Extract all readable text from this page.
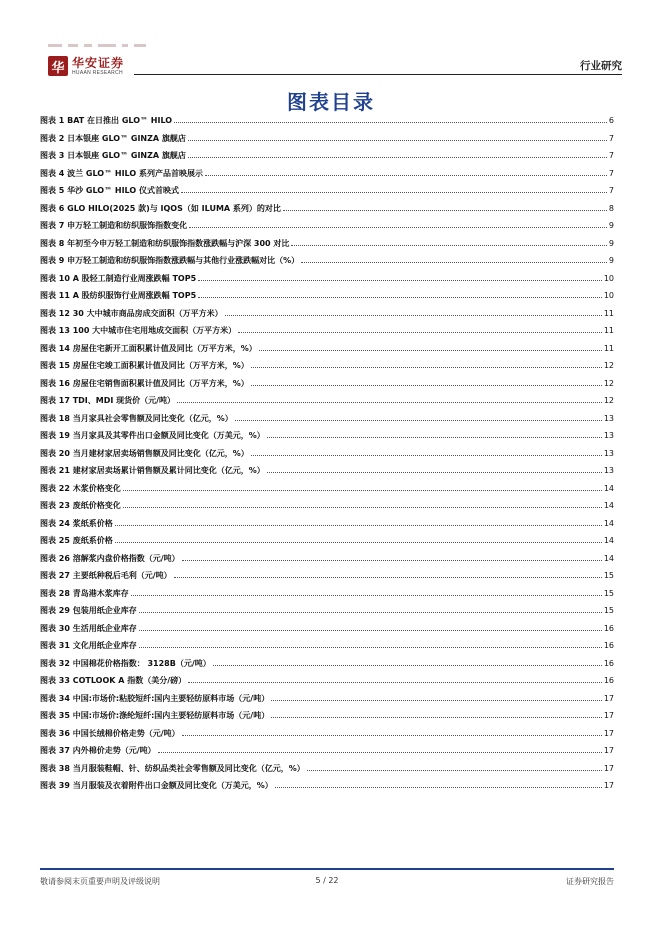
华 华安证券
HUAAN RESEARCH
行业研究
图表目录
图表 1 BAT 在日推出 GLO™ HILO	6
图表 2 日本银座 GLO™ GINZA 旗舰店	7
图表 3 日本银座 GLO™ GINZA 旗舰店	7
图表 4 波兰 GLO™ HILO 系列产品首映展示	7
图表 5 华沙 GLO™ HILO 仪式首映式	7
图表 6 GLO HILO(2025 款)与 IQOS（如 ILUMA 系列）的对比	8
图表 7 申万轻工制造和纺织服饰指数变化	9
图表 8 年初至今申万轻工制造和纺织服饰指数涨跌幅与沪深 300 对比	9
图表 9 申万轻工制造和纺织服饰指数涨跌幅与其他行业涨跌幅对比（%）	9
图表 10 A 股轻工制造行业周涨跌幅 TOP5	10
图表 11 A 股纺织服饰行业周涨跌幅 TOP5	10
图表 12 30 大中城市商品房成交面积（万平方米）	11
图表 13 100 大中城市住宅用地成交面积（万平方米）	11
图表 14 房屋住宅新开工面积累计值及同比（万平方米，%）	11
图表 15 房屋住宅竣工面积累计值及同比（万平方米，%）	12
图表 16 房屋住宅销售面积累计值及同比（万平方米，%）	12
图表 17 TDI、MDI 现货价（元/吨）	12
图表 18 当月家具社会零售额及同比变化（亿元，%）	13
图表 19 当月家具及其零件出口金额及同比变化（万美元，%）	13
图表 20 当月建材家居卖场销售额及同比变化（亿元，%）	13
图表 21 建材家居卖场累计销售额及累计同比变化（亿元，%）	13
图表 22 木浆价格变化	14
图表 23 废纸价格变化	14
图表 24 浆纸系价格	14
图表 25 废纸系价格	14
图表 26 溶解浆内盘价格指数（元/吨）	14
图表 27 主要纸种税后毛利（元/吨）	15
图表 28 青岛港木浆库存	15
图表 29 包装用纸企业库存	15
图表 30 生活用纸企业库存	16
图表 31 文化用纸企业库存	16
图表 32 中国棉花价格指数： 3128B（元/吨）	16
图表 33 COTLOOK A 指数（美分/磅）	16
图表 34 中国:市场价:粘胶短纤:国内主要轻纺原料市场（元/吨）	17
图表 35 中国:市场价:涤纶短纤:国内主要轻纺原料市场（元/吨）	17
图表 36 中国长绒棉价格走势（元/吨）	17
图表 37 内外棉价走势（元/吨）	17
图表 38 当月服装鞋帽、针、纺织品类社会零售额及同比变化（亿元，%）	17
图表 39 当月服装及衣着附件出口金额及同比变化（万美元，%）	17
敬请参阅末页重要声明及评级说明	5 / 22	证券研究报告
